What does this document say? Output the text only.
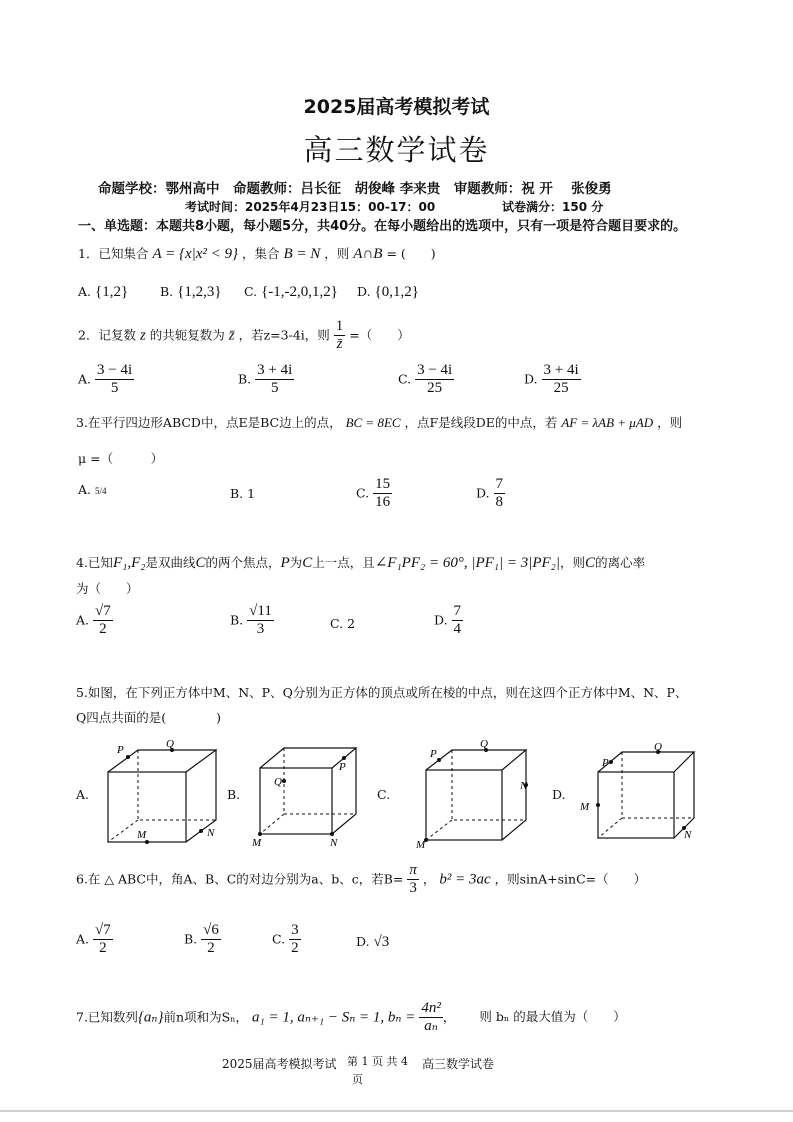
2025届高考模拟考试
高三数学试卷
命题学校：鄂州高中　命题教师：吕长征　胡俊峰 李来贵　审题教师：祝 开　 张俊勇
考试时间：2025年4月23日15：00-17：00	试卷满分：150 分
一、单选题：本题共8小题，每小题5分，共40分。在每小题给出的选项中，只有一项是符合题目要求的。
1．已知集合 A = {x|x² < 9} ，集合 B = N ，则 A∩B = (　　)
A. {1,2}	B. {1,2,3} C. {-1,-2,0,1,2} D. {0,1,2}
2．记复数 z 的共轭复数为 z̄ ，若z=3-4i，则 $\frac{1}{z̄}$ =（　　）
A. $\frac{3 - 4i}{5}$	B. $\frac{3 + 4i}{5}$	C. $\frac{3 - 4i}{25}$	D. $\frac{3 + 4i}{25}$
3.在平行四边形ABCD中，点E是BC边上的点， BC = 8EC ，点F是线段DE的中点，若 AF = λAB + μAD ，则
μ =（　　　）
A. 5/4	B. 1	C. $\frac{15}{16}$	D. $\frac{7}{8}$
4.已知F₁,F₂是双曲线C的两个焦点，P为C上一点，且∠F₁PF₂ = 60°, |PF₁| = 3|PF₂|，则C的离心率
为（　　）
A. $\frac{√7}{2}$	B. $\frac{√11}{3}$	C. 2	D. $\frac{7}{4}$
5.如图，在下列正方体中M、N、P、Q分别为正方体的顶点或所在棱的中点，则在这四个正方体中M、N、P、
Q四点共面的是(　　　　)
A.
P	Q
M	N
B.
P
Q
M	N
C.
P
Q
M
N
D.
P
Q
M
N
6.在 △ ABC中，角A、B、C的对边分别为a、b、c，若$B= \frac{\pi}{3}$ ， b² = 3ac ，则sinA+sinC=（　　）
A. $\frac{√7}{2}$	B. $\frac{√6}{2}$	C. $\frac{3}{2}$	D. √3
7.已知数列{aₙ}前n项和为Sₙ， a₁ = 1, aₙ₊₁ − Sₙ = 1, $b_n = \frac{\text{4n²}}{\text{aₙ}}$ ， 则 bₙ 的最大值为（　　）
2025届高考模拟考试 第 1 页 共 4 高三数学试卷
页
